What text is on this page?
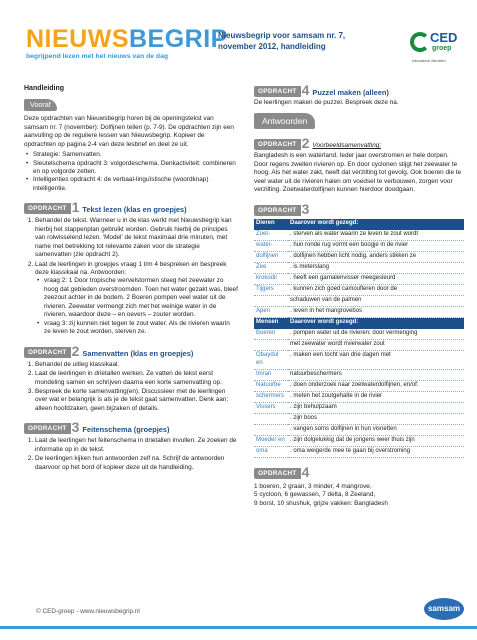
NIEUWSBEGRIP
begrijpend lezen met het nieuws van de dag
Nieuwsbegrip voor samsam nr. 7,
november 2012, handleiding
CED
groep
educatieve diensten
Handleiding
Vooraf

Deze opdrachten van Nieuwsbegrip horen bij de openingstekst van samsam nr. 7 (november): Dolfijnen tellen (p. 7-9). De opdrachten zijn een aanvulling op de reguliere lessen van Nieuwsbegrip. Kopieer de opdrachten op pagina 2-4 van deze lesbrief en deel ze uit.

• Strategie: Samenvatten.
• Sleutelschema opdracht 3: volgordeschema. Denkactiviteit: combineren en op volgorde zetten.
• Intelligenties opdracht 4: de verbaal-linguïstische (woordknap) intelligentie.
OPDRACHT 1 Tekst lezen (klas en groepjes)
1. Behandel de tekst. Wanneer u in de klas werkt met Nieuwsbegrip kan hierbij het stappenplan gebruikt worden. Gebruik hierbij de principes van rolwisselend lezen. 'Model' de tekst maximaal drie minuten, met name met betrekking tot relevante zaken voor de strategie samenvatten (zie opdracht 2).
2. Laat de leerlingen in groepjes vraag 1 t/m 4 bespreken en bespreek deze klassikaal na. Antwoorden:
• vraag 2: 1 Door tropische wervelstormen steeg het zeewater zo hoog dat gebieden overstroomden. Toen het water gezakt was, bleef zeezout achter in de bodem. 2 Boeren pompen veel water uit de rivieren. Zeewater vermengt zich met het weinige water in de rivieren, waardoor deze – en oevers – zouter worden.
• vraag 3: zij kunnen niet tegen te zout water. Als de rivieren waarin ze leven te zout worden, sterven ze.
OPDRACHT 2 Samenvatten (klas en groepjes)
1. Behandel de uitleg klassikaal.
2. Laat de leerlingen in drietallen werken. Ze vatten de tekst eerst mondeling samen en schrijven daarna een korte samenvatting op.
3. Bespreek de korte samenvatting(en). Discussieer met de leerlingen over wat er belangrijk is als je de tekst gaat samenvatten. Denk aan: alleen hoofdzaken, geen bijzaken of details.
OPDRACHT 3 Feitenschema (groepjes)
1. Laat de leerlingen het feitenschema in drietallen invullen. Ze zoeken de informatie op in de tekst.
2. De leerlingen kijken hun antwoorden zelf na. Schrijf de antwoorden daarvoor op het bord óf kopieer deze uit de handleiding.
OPDRACHT 4 Puzzel maken (alleen)

De leerlingen maken de puzzel. Bespreek deze na.

Antwoorden
OPDRACHT 2 Voorbeeldsamenvatting:

Bangladesh is een waterland. Ieder jaar overstromen er hele dorpen. Door regens zwellen rivieren op. En door cyclonen stijgt het zeewater te hoog. Als het water zakt, heeft dat verzilting tot gevolg. Ook boeren die te veel water uit de rivieren halen om voedsel te verbouwen, zorgen voor verzilting. Zoetwaterdolfijnen kunnen hierdoor doodgaan.

OPDRACHT 3
Dieren	Daarover wordt gezegd:
Zoet-	. sterven als water waarin ze leven te zout wordt
water-	. hun ronde rug vormt een boogje in de rivier
dolfijnen	. dolfijnen hebben licht nodig, anders stikken ze
Zee	. is meterslang
krokodil	. heeft een garnalenvisser meegesleurd
Tijgers	. kunnen zich goed camoufleren door de
	schaduwen van de palmen
Apen	. leven in het mangrovebos
Mensen	Daarover wordt gezegd:
Boeren	. pompen water uit de rivieren; door vermenging
	met zeewater wordt rivierwater zout
Obaydul en	. maken een tocht van drie dagen met
Imran	natuurbeschermers
Natuurbe	. doen onderzoek naar zoetwaterdolfijnen, en/of:
schermers	. meten het zoutgehalte in de rivier
Vissers	. zijn behulpzaam
	. zijn boos
	. vangen soms dolfijnen in hun visnetten
Moeder en	. zijn dolgelukkig dat de jongens weer thuis zijn
oma	. oma weigerde mee te gaan bij overstroming
OPDRACHT 4

1 boeren, 2 graan, 3 minder, 4 mangrove,

5 cycloon, 6 gewassen, 7 delta, 8 Zeeland,

9 borst, 10 shushuk, grijze vakken: Bangladesh

© CED-groep - www.nieuwsbegrip.nl	samsam
